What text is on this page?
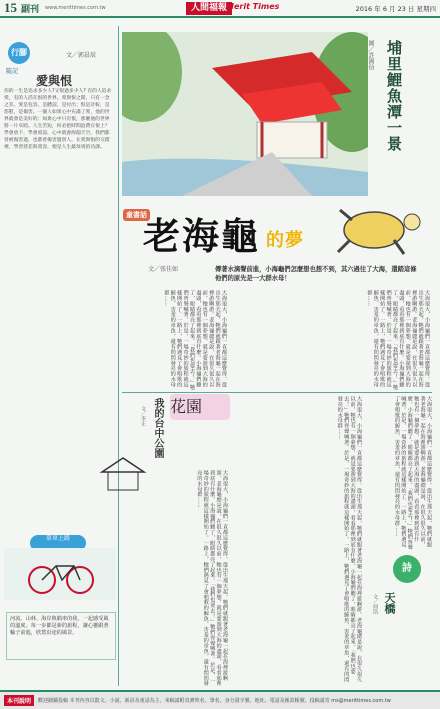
15 副刊 www.merittimes.com.tw	人間福報
Merit Times	2016 年 6 月 23 日 星期四
行腳
隨記
文／郭晨辰
愛與恨
你的一生是追求多少人?又恨過多少人? 有的人追求愛，有的人活在恨的世界。愛與恨之間，只有一念之差。愛是包容，是體諒，是付出；恨是計較，是怨懟，是傷害。一個人如果心中充滿了愛，他的世界就會是美好的；如果心中只有恨，那麼他的世界將一片灰暗。人生苦短，何必把時間浪費在恨上？學會放下，學會原諒，心中就會海闊天空。我們都曾被傷害過，也都曾傷害過別人。在愛與恨的交錯裡，學習慈悲與寬容，便是人生最珍貴的功課。
單車上路
河流、山林、海岸與騎車的我，一起感受風的溫度。每一步都是新的旅程，讓心靈跟著輪子前進，欣賞沿途的風景。
埔里鯉魚潭一景
圖／許國信
童書話
老海龜 的夢
文／張佳如	傳著水滴聲前進，小海龜們怎麼想也想不到，其六過往了大海，還踏這條他們的原先是一大群水母！
大海很大，小海龜們一直都這麼覺得。從出生那天起，牠們就跟著老海龜一起在海裡游啊游。老海龜總是說，在很久很久以前，牠也有一個夢想，就是要游到大海的盡頭，看看那裡到底有什麼。小海龜們聽了，眼睛都亮了起來。「我們也要去！」牠們齊聲喊著。於是，一場奇妙的旅程就這樣開始了。一路上，牠們遇見了會唱歌的鯨魚、害羞的章魚，還有閃閃發亮的水母群……
大海很大，小海龜們一直都這麼覺得。從出生那天起，牠們就跟著老海龜一起在海裡游啊游。老海龜總是說，在很久很久以前，牠也有一個夢想，就是要游到大海的盡頭，看看那裡到底有什麼。小海龜們聽了，眼睛都亮了起來。「我們也要去！」牠們齊聲喊著。於是，一場奇妙的旅程就這樣開始了。一路上，牠們遇見了會唱歌的鯨魚、害羞的章魚，還有閃閃發亮的水母群……
花園
我的台中公園
文／李正	大海很大，小海龜們一直都這麼覺得。從出生那天起，牠們就跟著老海龜一起在海裡游啊游。老海龜總是說，在很久很久以前，牠也有一個夢想，就是要游到大海的盡頭，看看那裡到底有什麼。小海龜們聽了，眼睛都亮了起來。「我們也要去！」牠們齊聲喊著。於是，一場奇妙的旅程就這樣開始了。一路上，牠們遇見了會唱歌的鯨魚、害羞的章魚，還有閃閃發亮的水母群……
大海很大，小海龜們一直都這麼覺得。從出生那天起，牠們就跟著老海龜一起在海裡游啊游。老海龜總是說，在很久很久以前，牠也有一個夢想，就是要游到大海的盡頭，看看那裡到底有什麼。小海龜們聽了，眼睛都亮了起來。「我們也要去！」牠們齊聲喊著。於是，一場奇妙的旅程就這樣開始了。一路上，牠們遇見了會唱歌的鯨魚、害羞的章魚，還有閃閃發亮的水母群……	大海很大，小海龜們一直都這麼覺得。從出生那天起，牠們就跟著老海龜一起在海裡游啊游。老海龜總是說，在很久很久以前，牠也有一個夢想，就是要游到大海的盡頭，看看那裡到底有什麼。小海龜們聽了，眼睛都亮了起來。「我們也要去！」牠們齊聲喊著。於是，一場奇妙的旅程就這樣開始了。一路上，牠們遇見了會唱歌的鯨魚、害羞的章魚，還有閃閃發亮的水母群……
詩
天橋
文／何浩
本刊說明	歡迎踴躍投稿 本刊內容以散文、小說、新詩及童話為主，來稿請附真實姓名、筆名、身分證字號、地址、電話及匯款帳號，投稿請寄 ms@merittimes.com.tw
